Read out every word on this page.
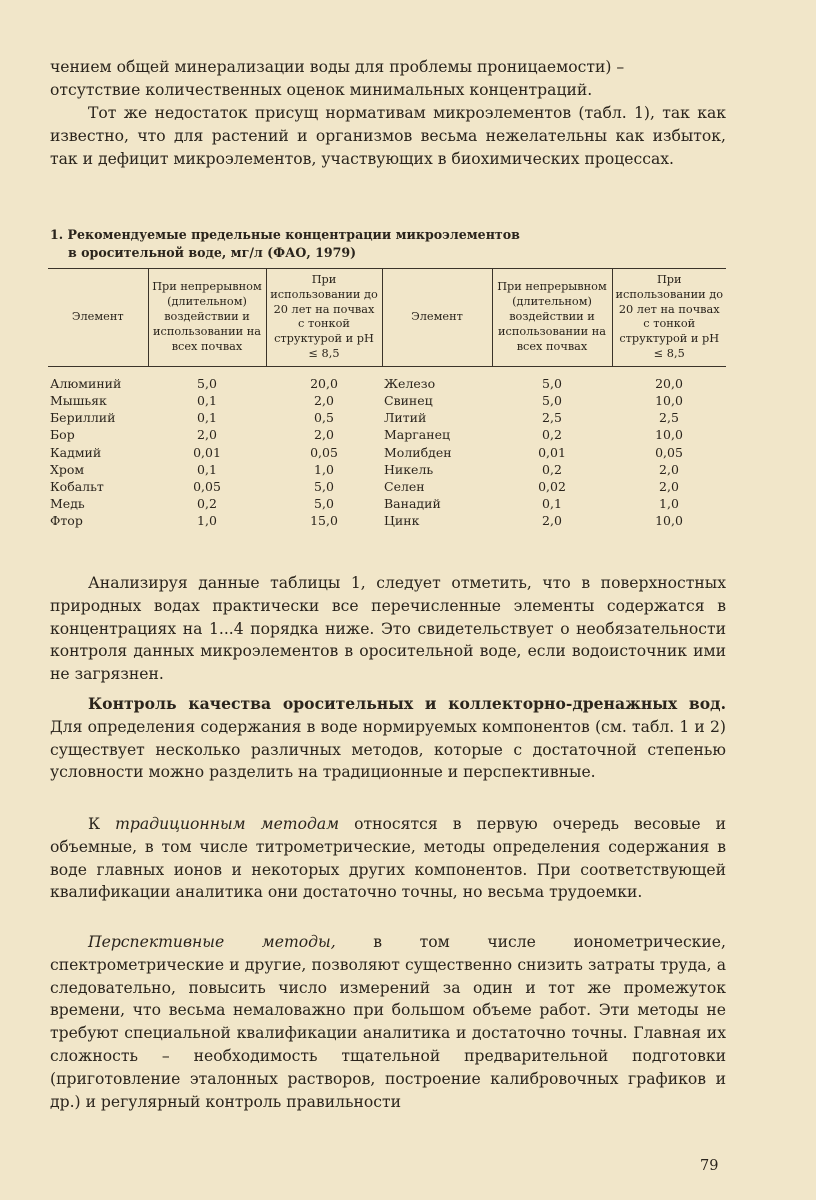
чением общей минерализации воды для проблемы проницаемости) –
отсутствие количественных оценок минимальных концентраций.

Тот же недостаток присущ нормативам микроэлементов (табл. 1), так как известно, что для растений и организмов весьма нежелательны как избыток, так и дефицит микроэлементов, участвующих в биохимических процессах.

1. Рекомендуемые предельные концентрации микроэлементов
в оросительной воде, мг/л (ФАО, 1979)

Элемент	При непрерывном (длительном) воздействии и использовании на всех почвах	При использовании до 20 лет на почвах с тонкой структурой и pH ≤ 8,5	Элемент	При непрерывном (длительном) воздействии и использовании на всех почвах	При использовании до 20 лет на почвах с тонкой структурой и pH ≤ 8,5
Алюминий	5,0	20,0	Железо	5,0	20,0
Мышьяк	0,1	2,0	Свинец	5,0	10,0
Бериллий	0,1	0,5	Литий	2,5	2,5
Бор	2,0	2,0	Марганец	0,2	10,0
Кадмий	0,01	0,05	Молибден	0,01	0,05
Хром	0,1	1,0	Никель	0,2	2,0
Кобальт	0,05	5,0	Селен	0,02	2,0
Медь	0,2	5,0	Ванадий	0,1	1,0
Фтор	1,0	15,0	Цинк	2,0	10,0

Анализируя данные таблицы 1, следует отметить, что в поверхностных природных водах практически все перечисленные элементы содержатся в концентрациях на 1...4 порядка ниже. Это свидетельствует о необязательности контроля данных микроэлементов в оросительной воде, если водоисточник ими не загрязнен.

Контроль качества оросительных и коллекторно-дренажных вод. Для определения содержания в воде нормируемых компонентов (см. табл. 1 и 2) существует несколько различных методов, которые с достаточной степенью условности можно разделить на традиционные и перспективные.

К традиционным методам относятся в первую очередь весовые и объемные, в том числе титрометрические, методы определения содержания в воде главных ионов и некоторых других компонентов. При соответствующей квалификации аналитика они достаточно точны, но весьма трудоемки.

Перспективные методы, в том числе ионометрические, спектрометрические и другие, позволяют существенно снизить затраты труда, а следовательно, повысить число измерений за один и тот же промежуток времени, что весьма немаловажно при большом объеме работ. Эти методы не требуют специальной квалификации аналитика и достаточно точны. Главная их сложность – необходимость тщательной предварительной подготовки (приготовление эталонных растворов, построение калибровочных графиков и др.) и регулярный контроль правильности

79
